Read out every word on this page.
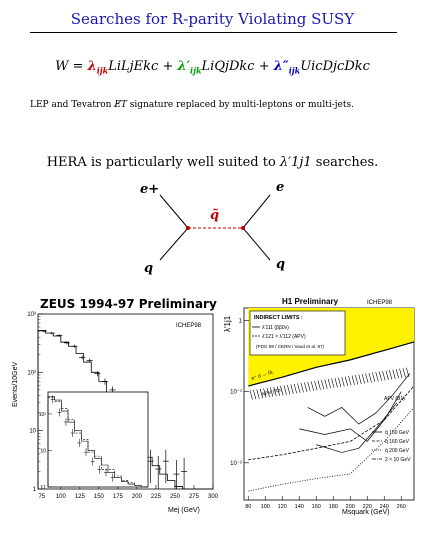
Searches for R-parity Violating SUSY
$W = \lambda_{ijk}LiLjEkc$ + $\lambda'_{ijk}LiQjDkc$ + $\lambda''_{ijk}UicDjcDkc$
LEP and Tevatron E̸T signature replaced by multi-leptons or multi-jets.
HERA is particularly well suited to λ′1j1 searches.
e+	e
q	q
q̃
ZEUS 1994-97 Preliminary
ICHEP98
Events/10GeV
Mej (GeV)
75 100 125 150 175 200 225 250 275 300
1
10
10²
10³
1
10
10²
H1 Preliminary	ICHEP98
λ′1j1
Msquark (GeV)
80 100 120 140 160 180 200 220 240 260
1
10⁻¹
10⁻²
INDIRECT LIMITS :
λ′111 (ββ0ν)
λ′121 × λ′112 (APV)
(PDG 98 / CERN / Vaud et al. 97)
e⁺ d → ũL
APV (Rb)
APV (B1)
q̄ 150 GeV
q̄ 160 GeV
q̄ 200 GeV
2 × 10 GeV
